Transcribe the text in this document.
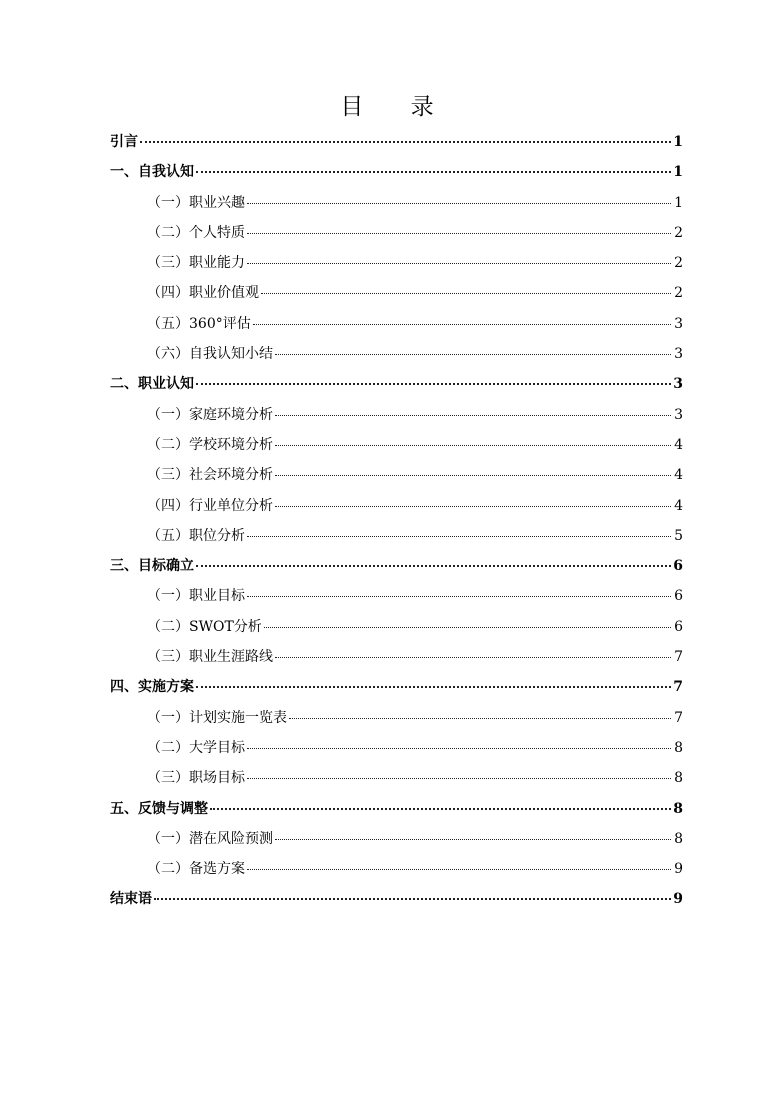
目 录
引言	1
一、自我认知	1
（一）职业兴趣	1
（二）个人特质	2
（三）职业能力	2
（四）职业价值观	2
（五）360°评估	3
（六）自我认知小结	3
二、职业认知	3
（一）家庭环境分析	3
（二）学校环境分析	4
（三）社会环境分析	4
（四）行业单位分析	4
（五）职位分析	5
三、目标确立	6
（一）职业目标	6
（二）SWOT分析	6
（三）职业生涯路线	7
四、实施方案	7
（一）计划实施一览表	7
（二）大学目标	8
（三）职场目标	8
五、反馈与调整	8
（一）潜在风险预测	8
（二）备选方案	9
结束语	9
